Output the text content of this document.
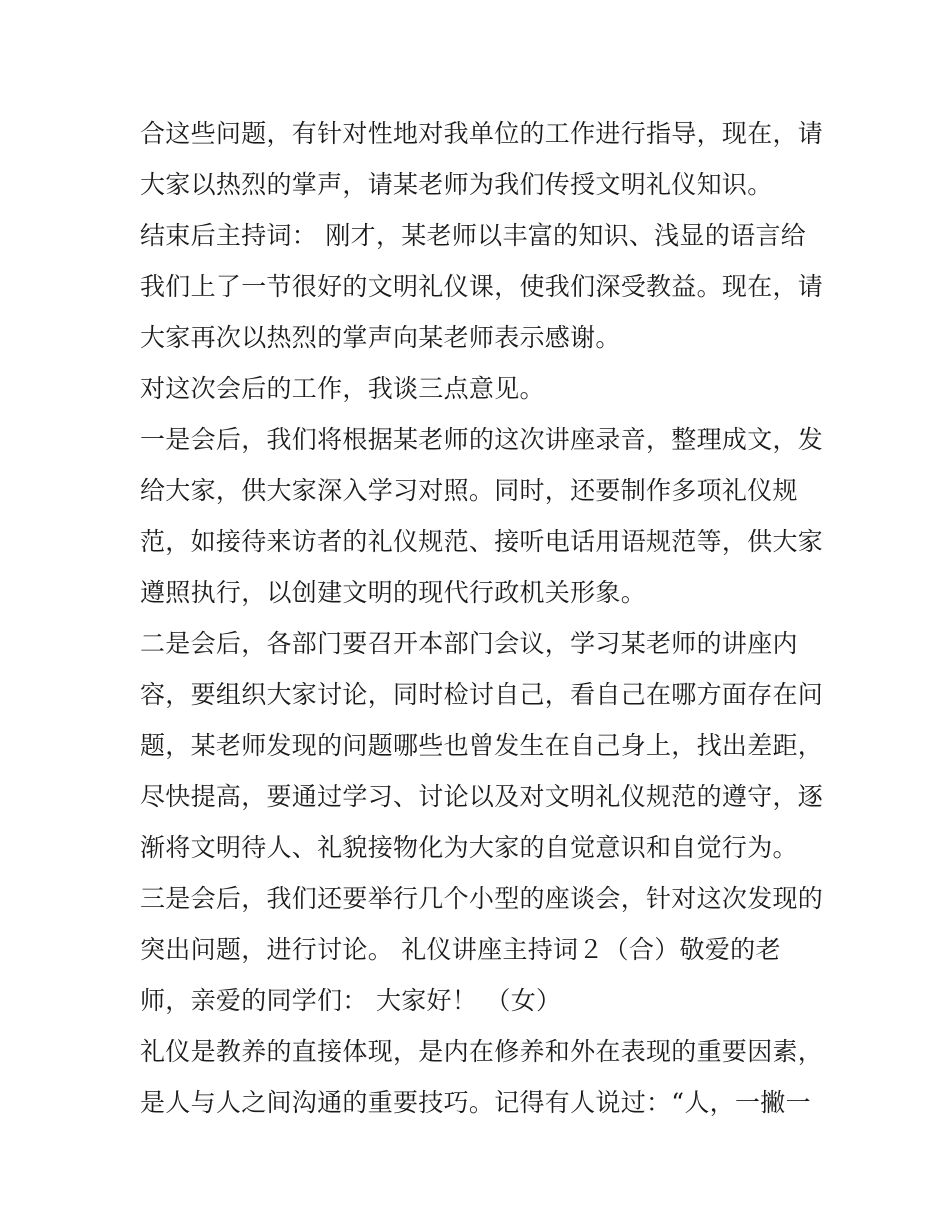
合这些问题，有针对性地对我单位的工作进行指导，现在，请
大家以热烈的掌声，请某老师为我们传授文明礼仪知识。
结束后主持词： 刚才，某老师以丰富的知识、浅显的语言给
我们上了一节很好的文明礼仪课，使我们深受教益。现在，请
大家再次以热烈的掌声向某老师表示感谢。
对这次会后的工作，我谈三点意见。
一是会后，我们将根据某老师的这次讲座录音，整理成文，发
给大家，供大家深入学习对照。同时，还要制作多项礼仪规
范，如接待来访者的礼仪规范、接听电话用语规范等，供大家
遵照执行，以创建文明的现代行政机关形象。
二是会后，各部门要召开本部门会议，学习某老师的讲座内
容，要组织大家讨论，同时检讨自己，看自己在哪方面存在问
题，某老师发现的问题哪些也曾发生在自己身上，找出差距，
尽快提高，要通过学习、讨论以及对文明礼仪规范的遵守，逐
渐将文明待人、礼貌接物化为大家的自觉意识和自觉行为。
三是会后，我们还要举行几个小型的座谈会，针对这次发现的
突出问题，进行讨论。 礼仪讲座主持词２（合）敬爱的老
师，亲爱的同学们： 大家好！ （女）
礼仪是教养的直接体现，是内在修养和外在表现的重要因素，
是人与人之间沟通的重要技巧。记得有人说过：“人，一撇一
